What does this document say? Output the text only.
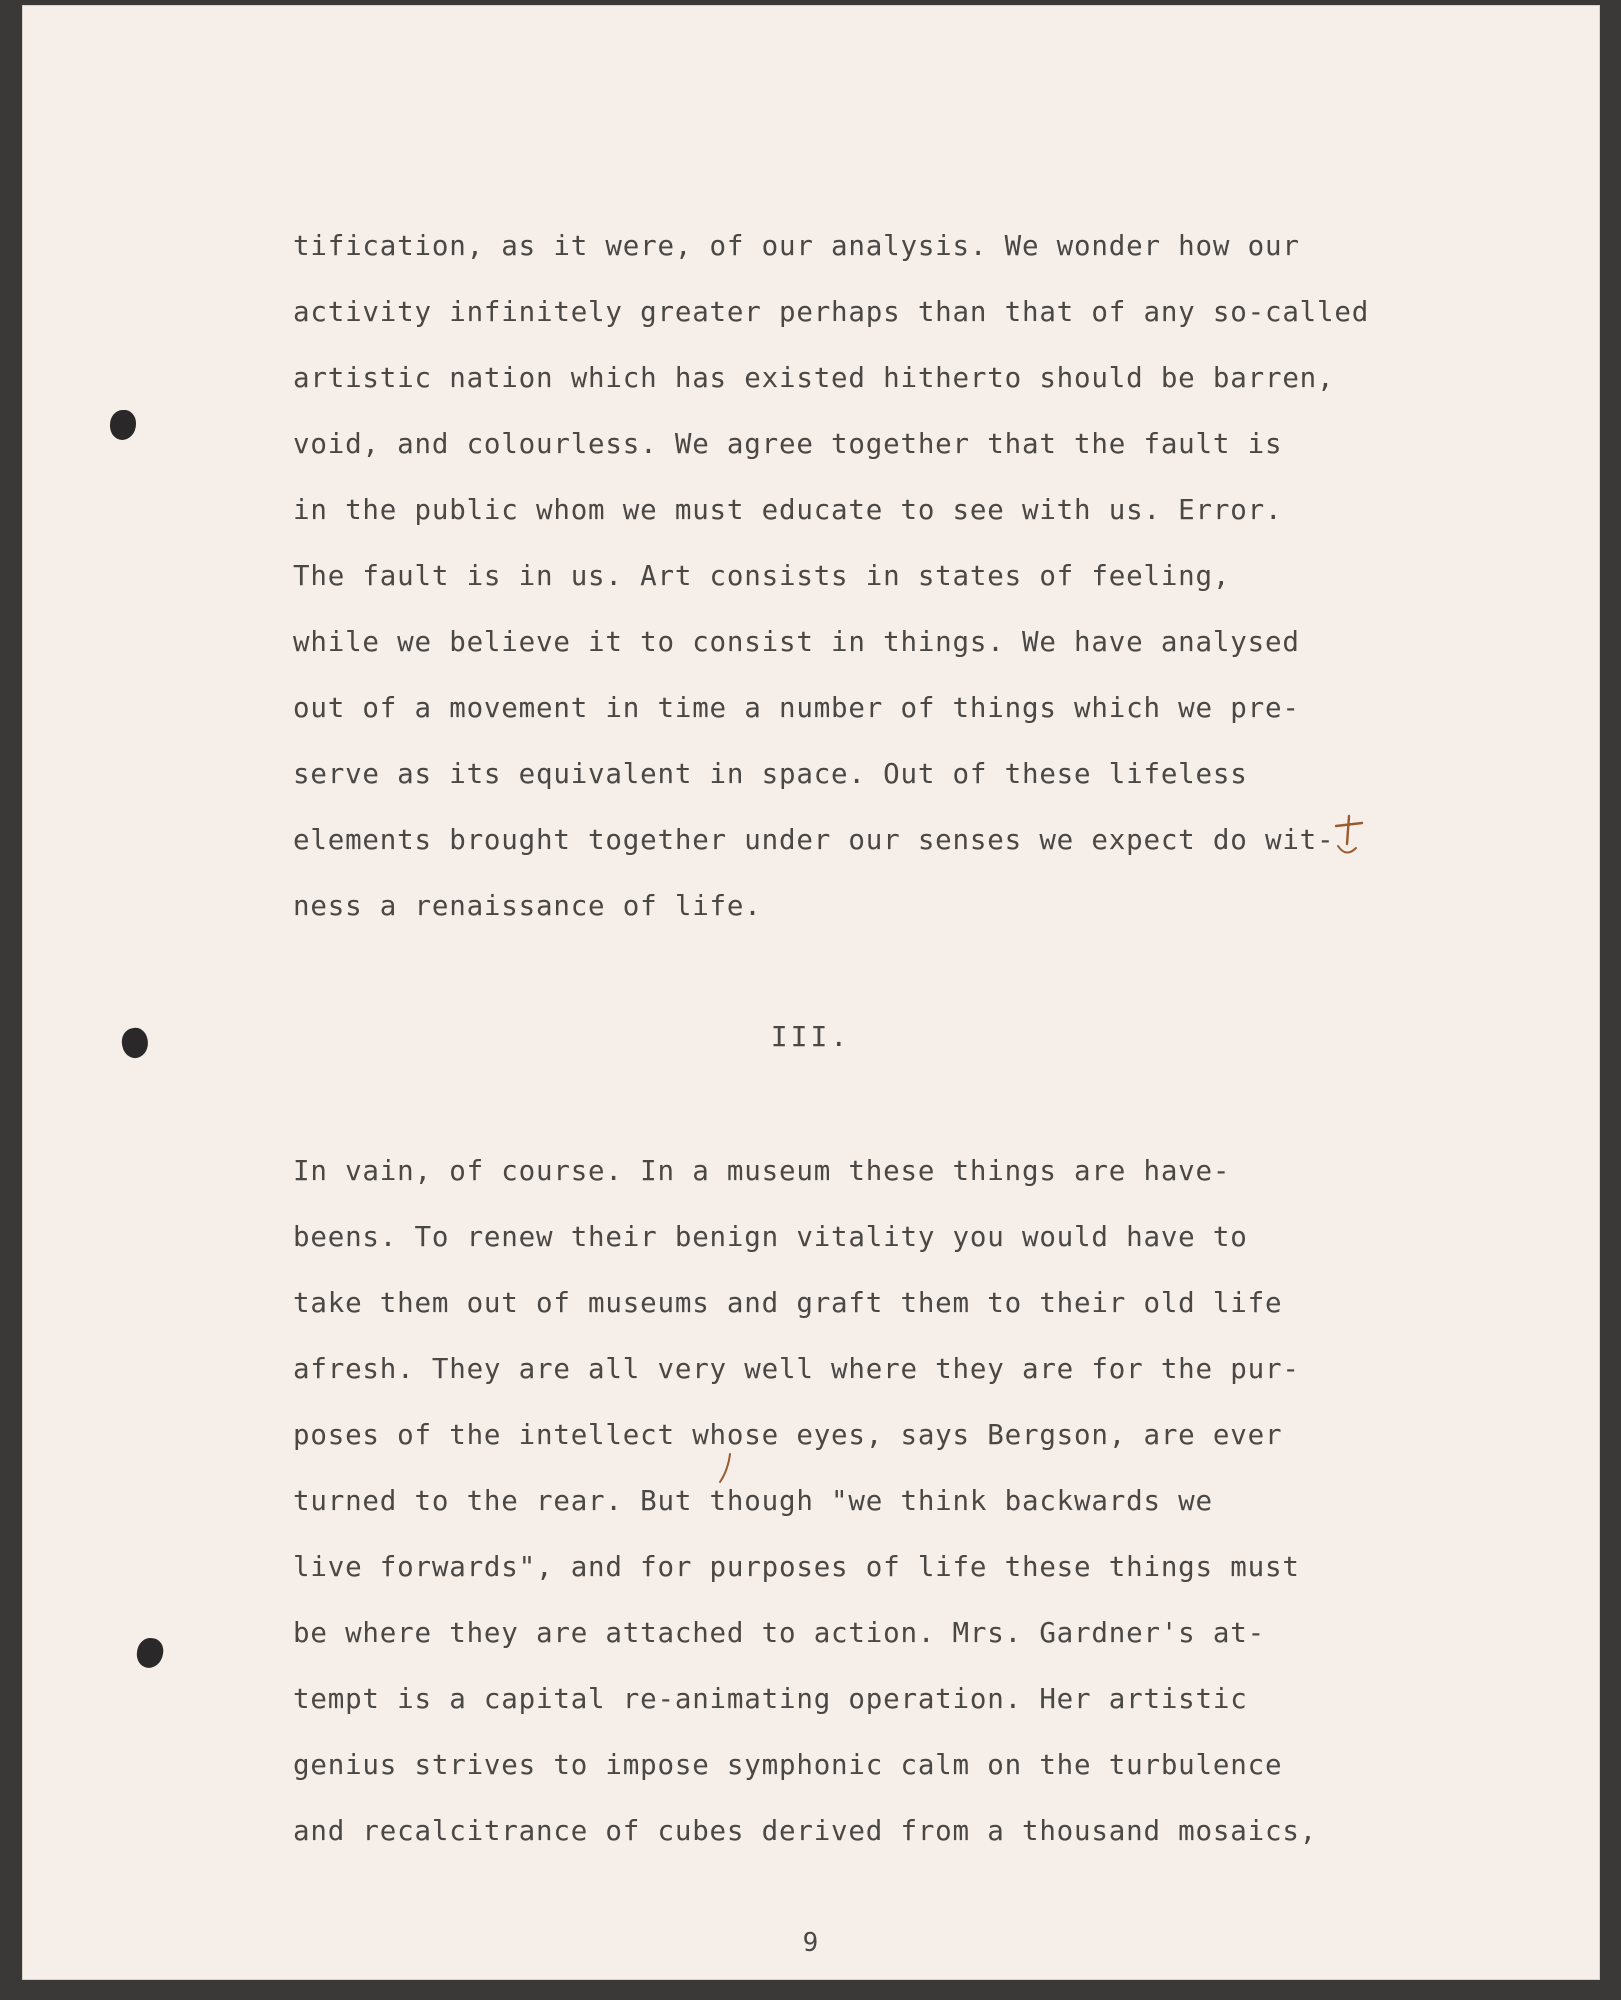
tification, as it were, of our analysis. We wonder how our
activity infinitely greater perhaps than that of any so-called
artistic nation which has existed hitherto should be barren,
void, and colourless. We agree together that the fault is
in the public whom we must educate to see with us. Error.
The fault is in us. Art consists in states of feeling,
while we believe it to consist in things. We have analysed
out of a movement in time a number of things which we pre-
serve as its equivalent in space. Out of these lifeless
elements brought together under our senses we expect do wit-
ness a renaissance of life.
III.
In vain, of course. In a museum these things are have-
beens. To renew their benign vitality you would have to
take them out of museums and graft them to their old life
afresh. They are all very well where they are for the pur-
poses of the intellect whose eyes, says Bergson, are ever
turned to the rear. But though "we think backwards we
live forwards", and for purposes of life these things must
be where they are attached to action. Mrs. Gardner's at-
tempt is a capital re-animating operation. Her artistic
genius strives to impose symphonic calm on the turbulence
and recalcitrance of cubes derived from a thousand mosaics,
9
